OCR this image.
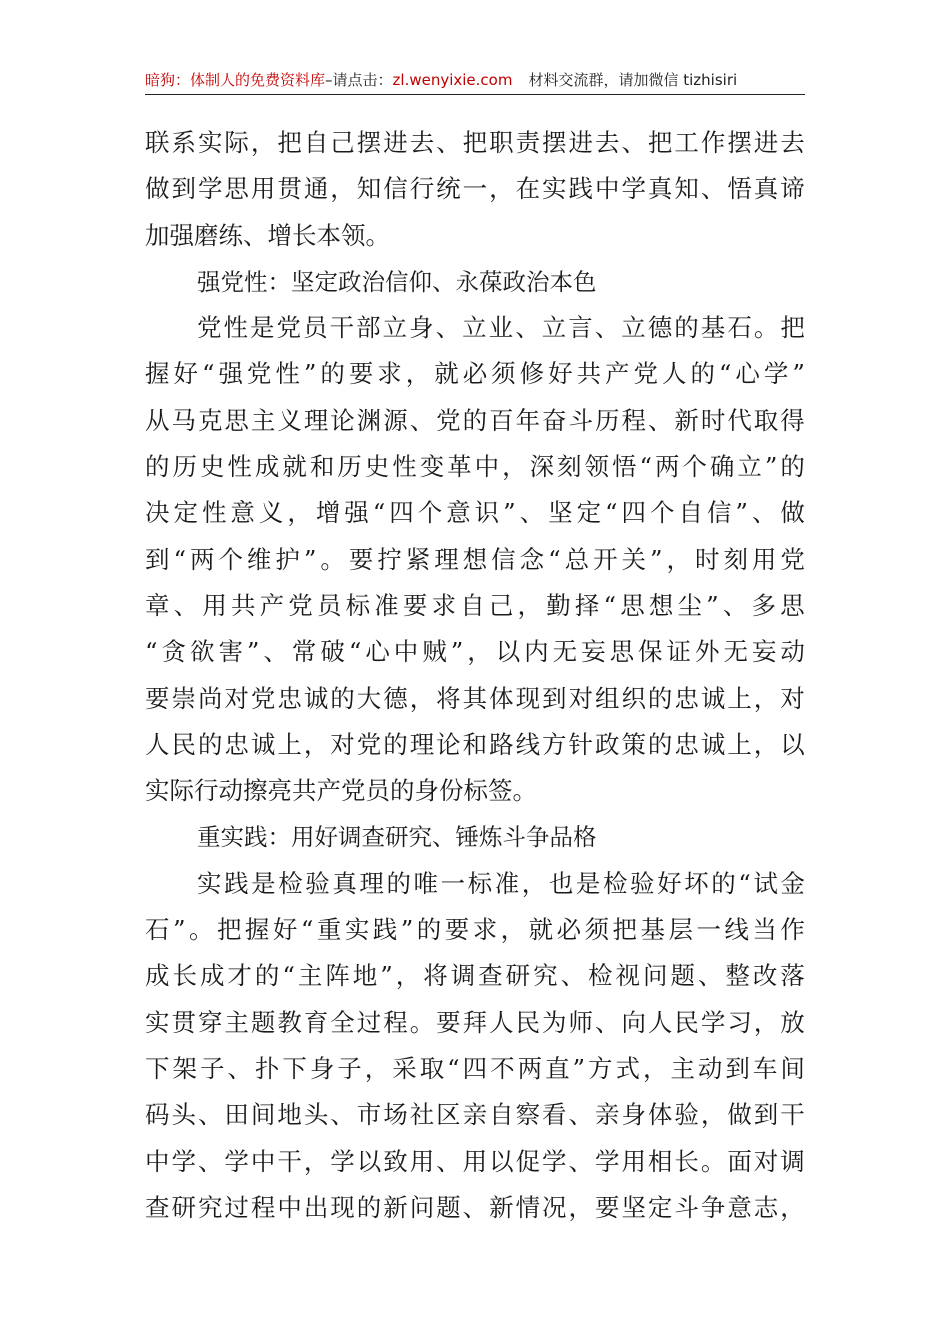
暗狗：体制人的免费资料库–请点击：zl.wenyixie.com 材料交流群，请加微信 tizhisiri
联 系 实 际 ， 把 自 己 摆 进 去 、 把 职 责 摆 进 去 、 把 工 作 摆 进 去
做 到 学 思 用 贯 通 ， 知 信 行 统 一 ， 在 实 践 中 学 真 知 、 悟 真 谛
加强磨练、增长本领。
强党性：坚定政治信仰、永葆政治本色
党 性 是 党 员 干 部 立 身 、 立 业 、 立 言 、 立 德 的 基 石 。 把
握 好 “ 强 党 性 ” 的 要 求 ， 就 必 须 修 好 共 产 党 人 的 “ 心 学 ”
从 马 克 思 主 义 理 论 渊 源 、 党 的 百 年 奋 斗 历 程 、 新 时 代 取 得
的 历 史 性 成 就 和 历 史 性 变 革 中 ， 深 刻 领 悟 “ 两 个 确 立 ” 的
决 定 性 意 义 ， 增 强 “ 四 个 意 识 ” 、 坚 定 “ 四 个 自 信 ” 、 做
到 “ 两 个 维 护 ” 。 要 拧 紧 理 想 信 念 “ 总 开 关 ” ， 时 刻 用 党
章 、 用 共 产 党 员 标 准 要 求 自 己 ， 勤 择 “ 思 想 尘 ” 、 多 思
“ 贪 欲 害 ” 、 常 破 “ 心 中 贼 ” ， 以 内 无 妄 思 保 证 外 无 妄 动
要 崇 尚 对 党 忠 诚 的 大 德 ， 将 其 体 现 到 对 组 织 的 忠 诚 上 ， 对
人 民 的 忠 诚 上 ， 对 党 的 理 论 和 路 线 方 针 政 策 的 忠 诚 上 ， 以
实际行动擦亮共产党员的身份标签。
重实践：用好调查研究、锤炼斗争品格
实 践 是 检 验 真 理 的 唯 一 标 准 ， 也 是 检 验 好 坏 的 “ 试 金
石 ” 。 把 握 好 “ 重 实 践 ” 的 要 求 ， 就 必 须 把 基 层 一 线 当 作
成 长 成 才 的 “ 主 阵 地 ” ， 将 调 查 研 究 、 检 视 问 题 、 整 改 落
实 贯 穿 主 题 教 育 全 过 程 。 要 拜 人 民 为 师 、 向 人 民 学 习 ， 放
下 架 子 、 扑 下 身 子 ， 采 取 “ 四 不 两 直 ” 方 式 ， 主 动 到 车 间
码 头 、 田 间 地 头 、 市 场 社 区 亲 自 察 看 、 亲 身 体 验 ， 做 到 干
中 学 、 学 中 干 ， 学 以 致 用 、 用 以 促 学 、 学 用 相 长 。 面 对 调
查 研 究 过 程 中 出 现 的 新 问 题 、 新 情 况 ， 要 坚 定 斗 争 意 志 ，
